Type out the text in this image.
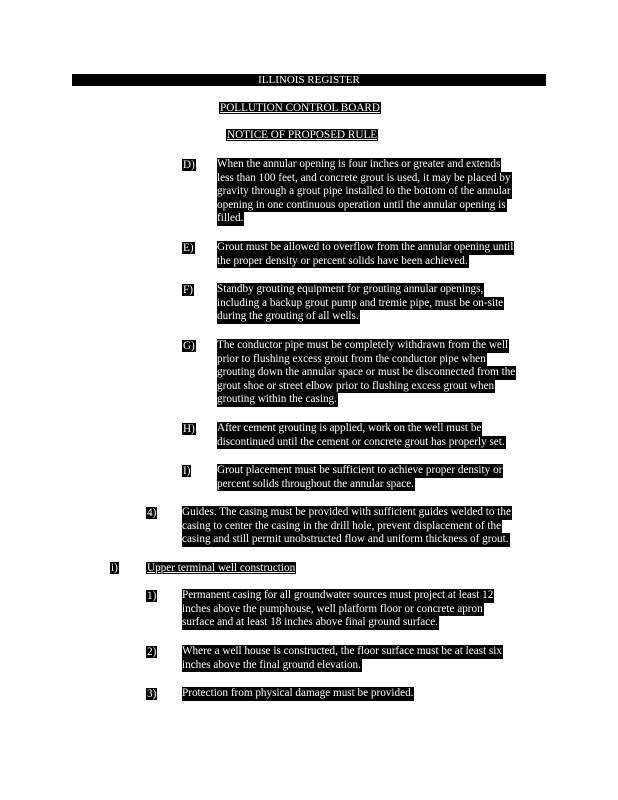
ILLINOIS REGISTER
POLLUTION CONTROL BOARD
NOTICE OF PROPOSED RULE
D) When the annular opening is four inches or greater and extends
less than 100 feet, and concrete grout is used, it may be placed by
gravity through a grout pipe installed to the bottom of the annular
opening in one continuous operation until the annular opening is
filled.
E) Grout must be allowed to overflow from the annular opening until
the proper density or percent solids have been achieved.
F) Standby grouting equipment for grouting annular openings,
including a backup grout pump and tremie pipe, must be on-site
during the grouting of all wells.
G) The conductor pipe must be completely withdrawn from the well
prior to flushing excess grout from the conductor pipe when
grouting down the annular space or must be disconnected from the
grout shoe or street elbow prior to flushing excess grout when
grouting within the casing.
H) After cement grouting is applied, work on the well must be
discontinued until the cement or concrete grout has properly set.
I) Grout placement must be sufficient to achieve proper density or
percent solids throughout the annular space.
4) Guides. The casing must be provided with sufficient guides welded to the
casing to center the casing in the drill hole, prevent displacement of the
casing and still permit unobstructed flow and uniform thickness of grout.
i)	Upper terminal well construction
1) Permanent casing for all groundwater sources must project at least 12
inches above the pumphouse, well platform floor or concrete apron
surface and at least 18 inches above final ground surface.
2) Where a well house is constructed, the floor surface must be at least six
inches above the final ground elevation.
3) Protection from physical damage must be provided.
